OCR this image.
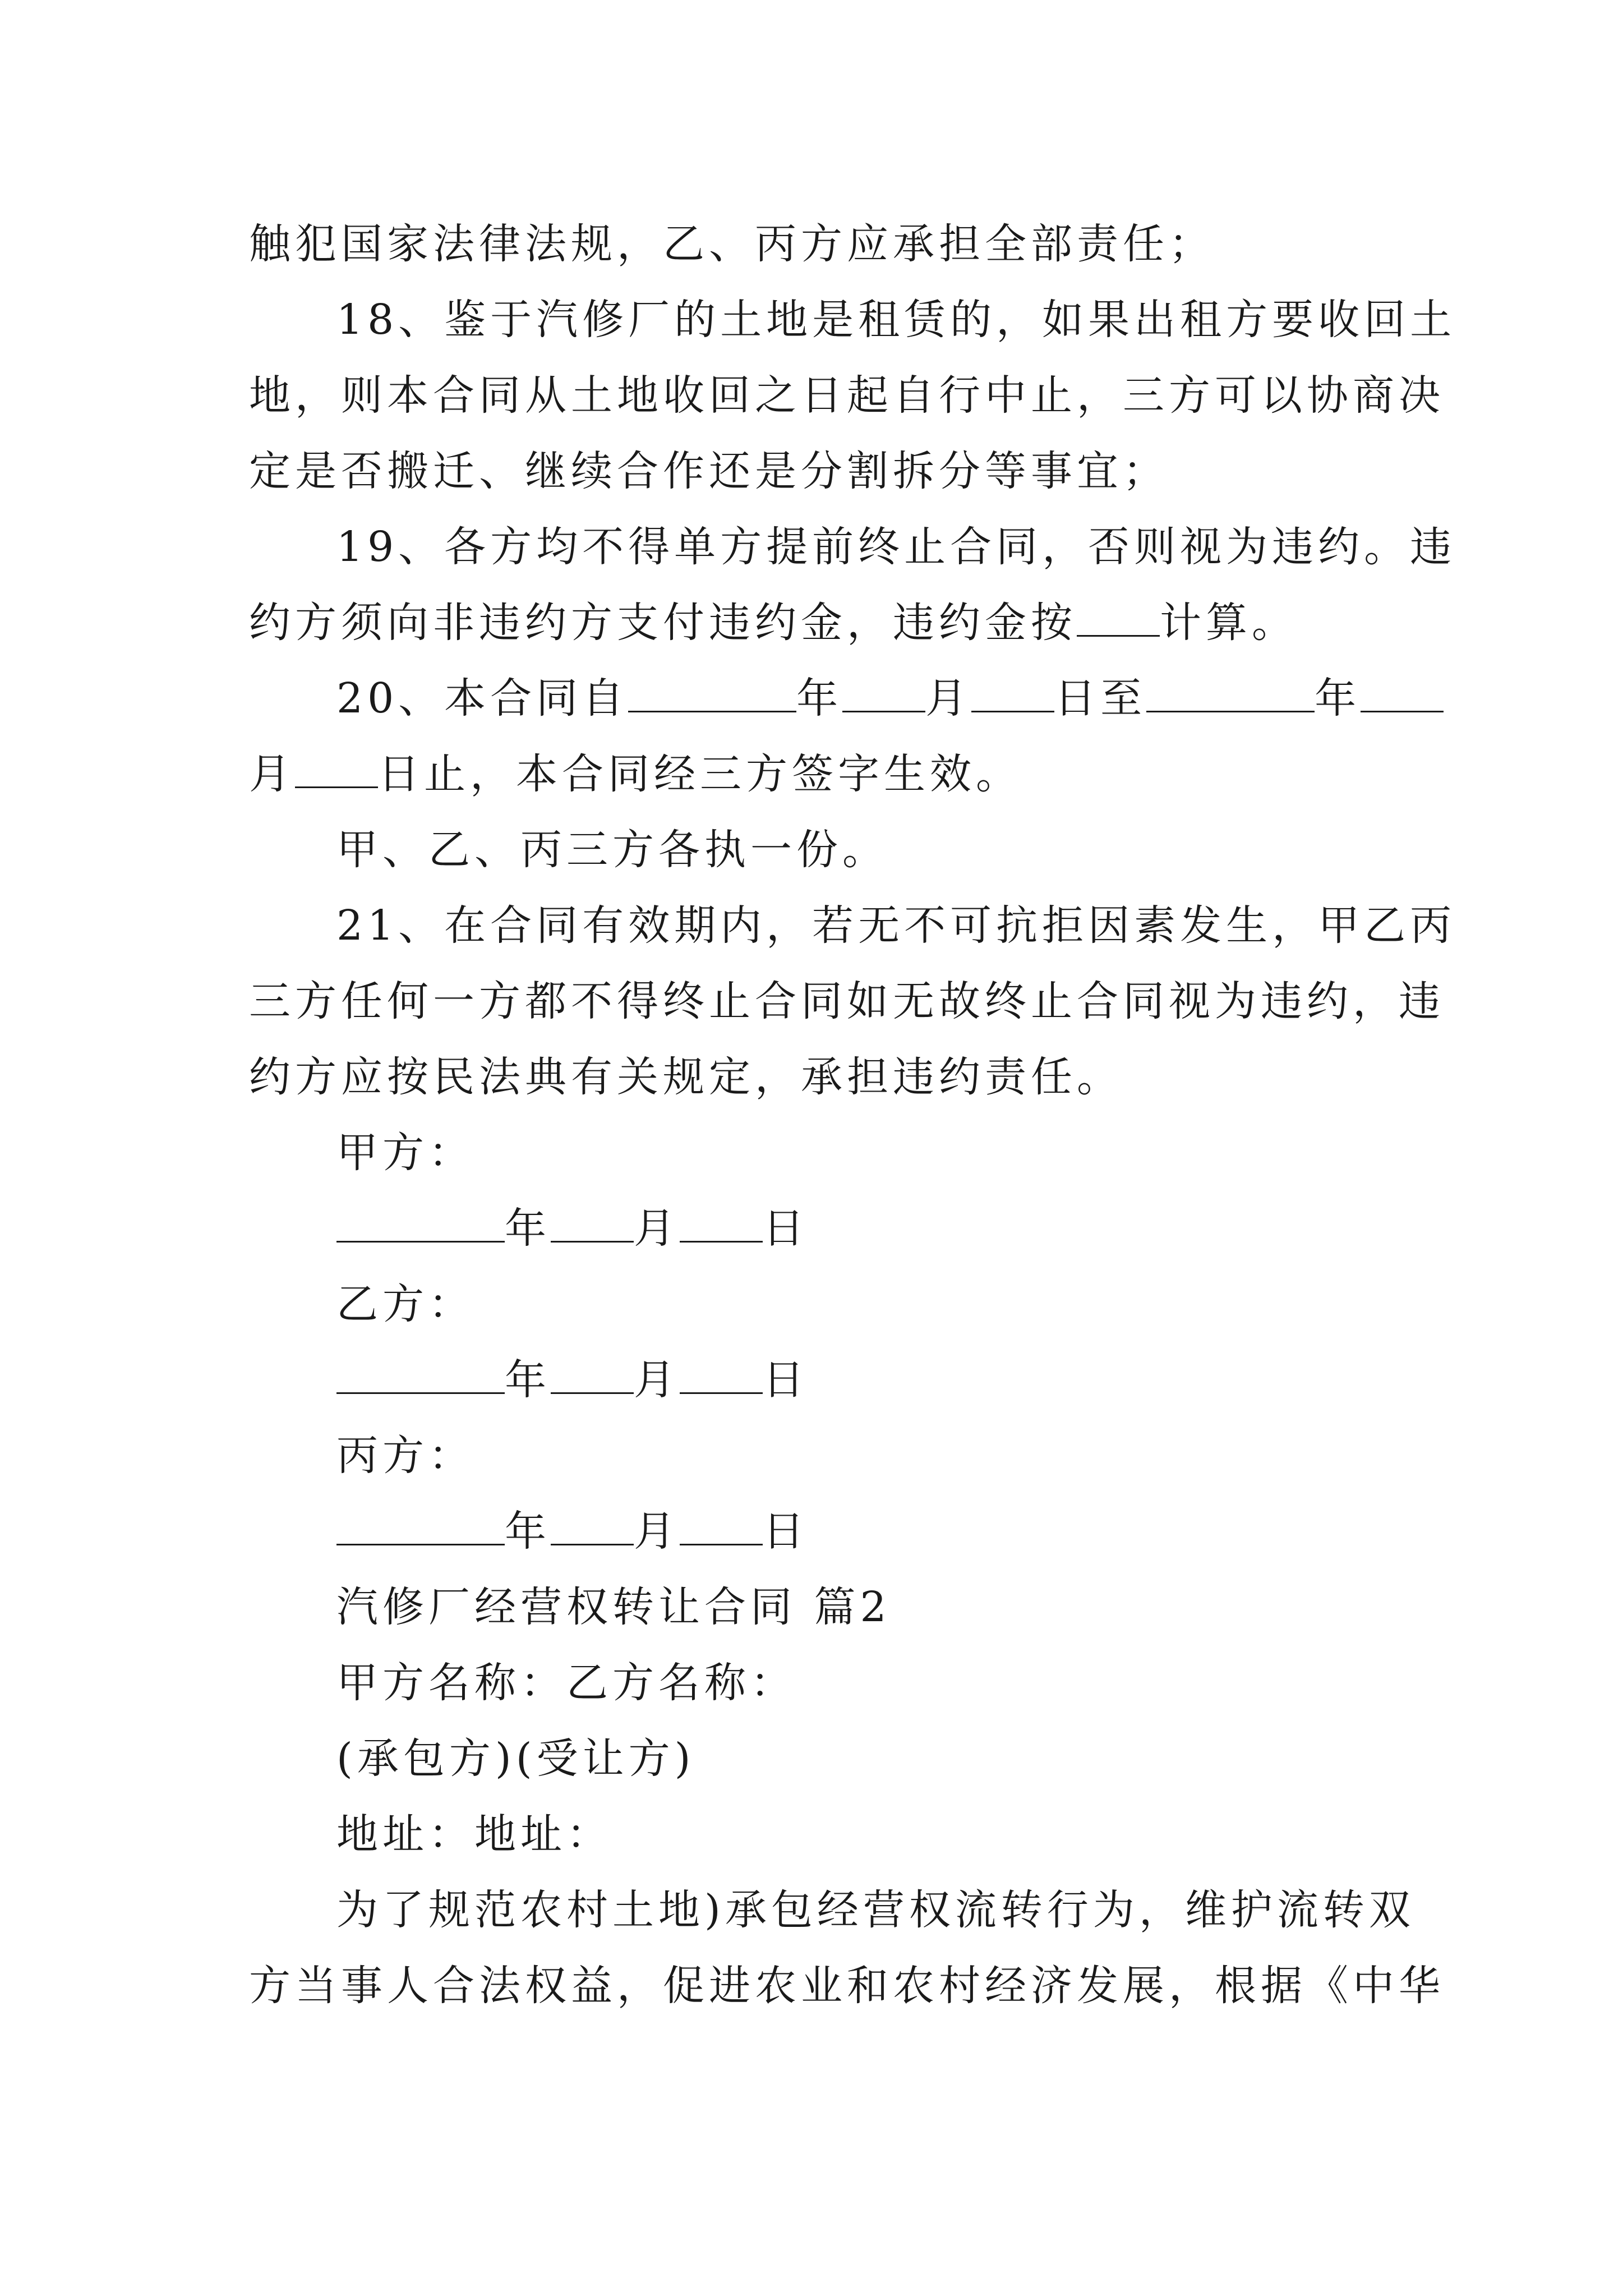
触犯国家法律法规，乙、丙方应承担全部责任；
18、鉴于汽修厂的土地是租赁的，如果出租方要收回土
地，则本合同从土地收回之日起自行中止，三方可以协商决
定是否搬迁、继续合作还是分割拆分等事宜；
19、各方均不得单方提前终止合同，否则视为违约。违
约方须向非违约方支付违约金，违约金按 计算。
20、本合同自	年 月 日至	年
月 日止，本合同经三方签字生效。
甲、乙、丙三方各执一份。
21、在合同有效期内，若无不可抗拒因素发生，甲乙丙
三方任何一方都不得终止合同如无故终止合同视为违约，违
约方应按民法典有关规定，承担违约责任。
甲方：
年 月 日
乙方：
年 月 日
丙方：
年 月 日
汽修厂经营权转让合同 篇2
甲方名称：乙方名称：
(承包方)(受让方)
地址：地址：
为了规范农村土地)承包经营权流转行为，维护流转双
方当事人合法权益，促进农业和农村经济发展，根据《中华
